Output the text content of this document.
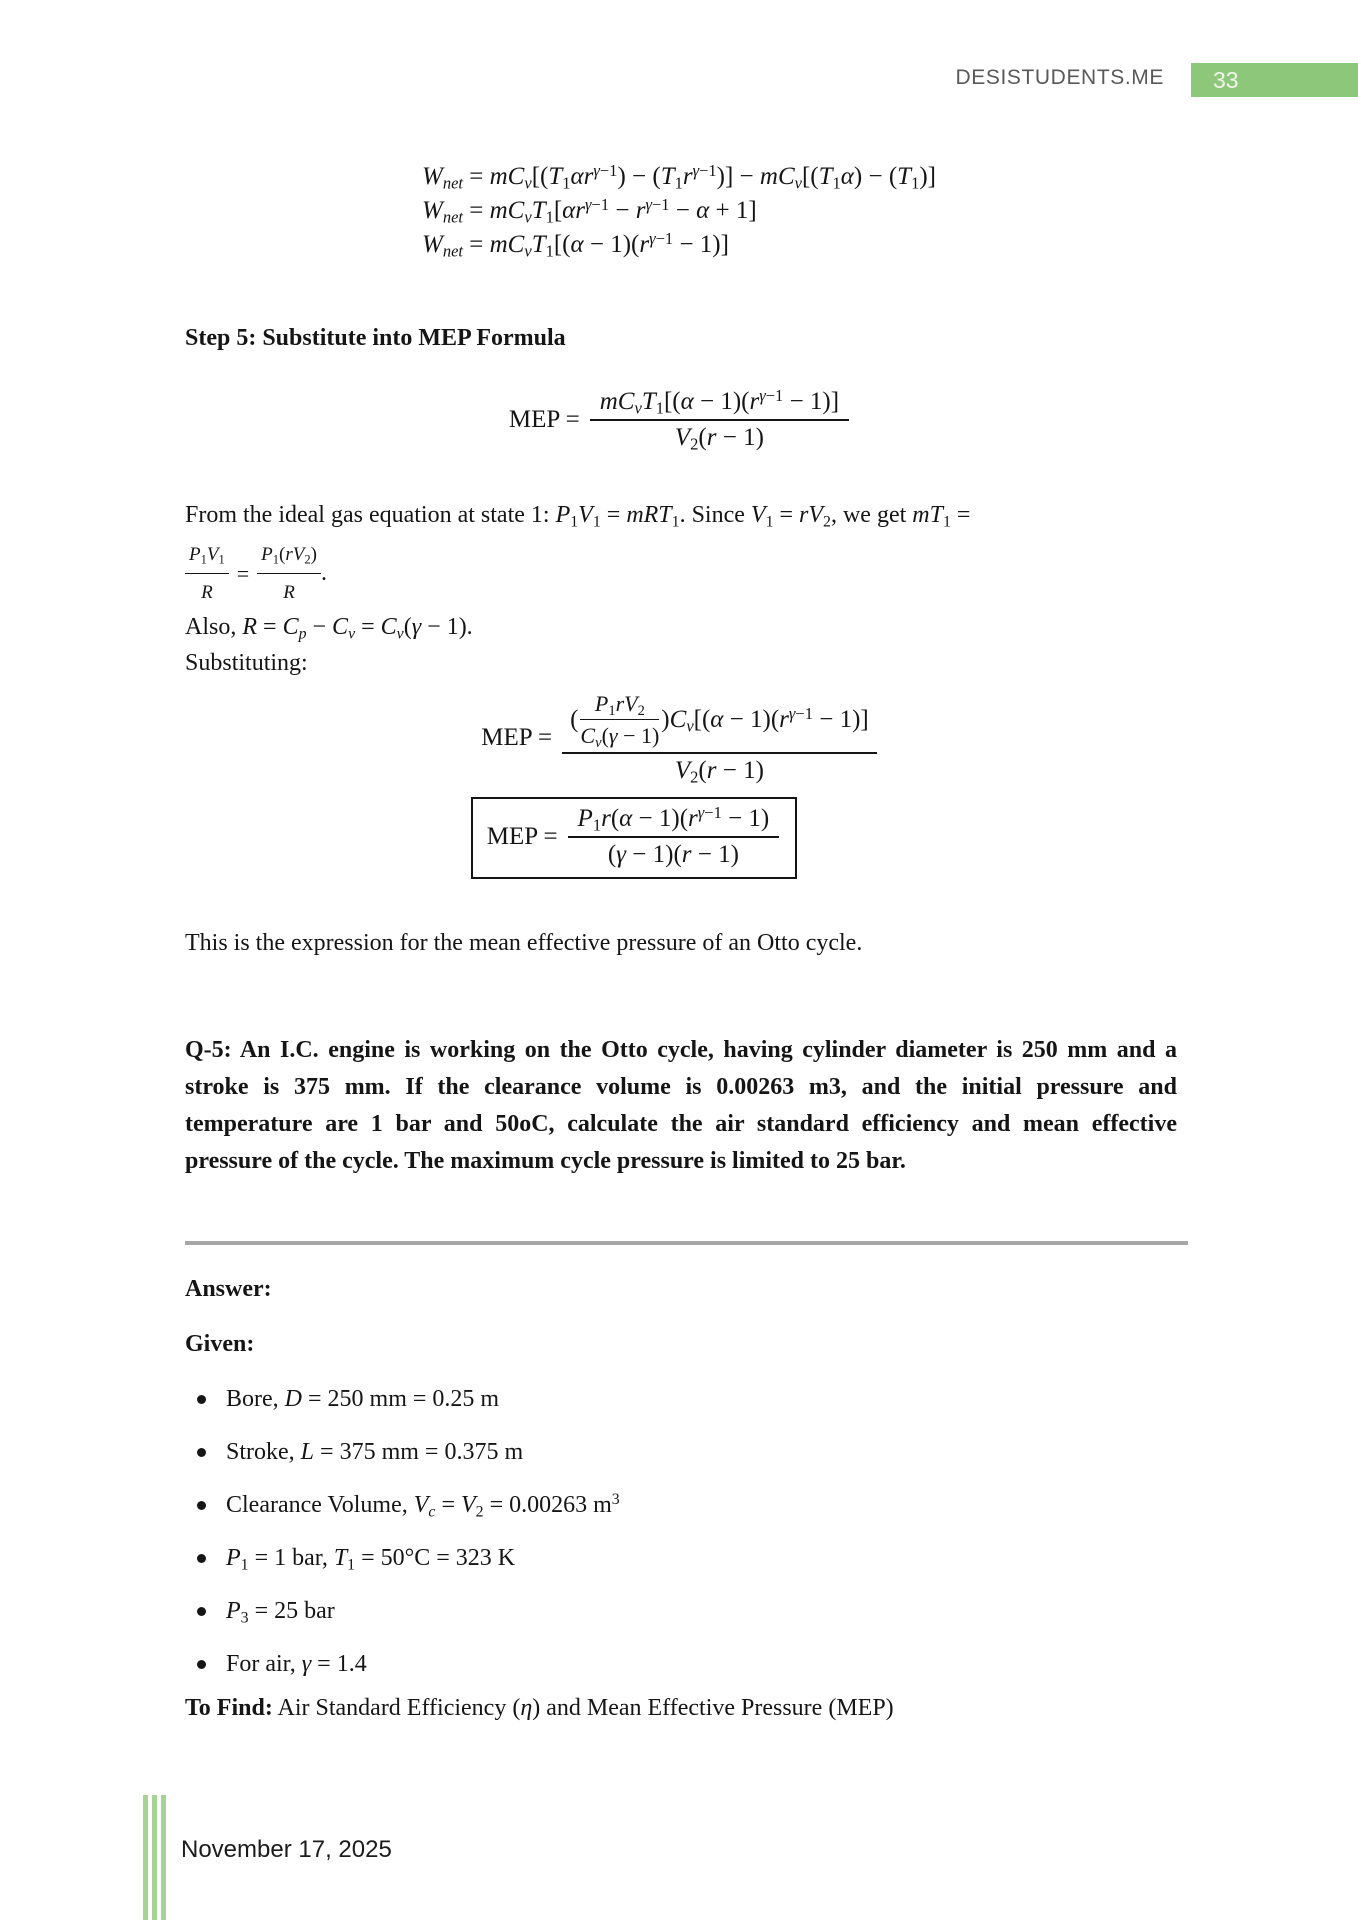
DESISTUDENTS.ME	33
$W_{net} = mC_v[(T_1\alpha r^{\gamma-1}) - (T_1r^{\gamma-1})] - mC_v[(T_1\alpha) - (T_1)]$
$W_{net} = mC_vT_1[\alpha r^{\gamma-1} - r^{\gamma-1} - \alpha + 1]$
$W_{net} = mC_vT_1[(\alpha - 1)(r^{\gamma-1} - 1)]$
Step 5: Substitute into MEP Formula
MEP = $\frac{mC_vT_1[(\alpha - 1)(r^{\gamma-1} - 1)]}{V_2(r - 1)}$
From the ideal gas equation at state 1: $P_1V_1 = mRT_1$. Since $V_1 = rV_2$, we get $mT_1$ =
$\frac{P_1V_1}{R} = \frac{P_1(rV_2)}{R}$ .
Also, $R = C_p - C_v = C_v(\gamma - 1)$.
Substituting:
MEP =
( $\frac{P_1rV_2}{C_v(\gamma - 1)} )C_v[(\alpha - 1)(r^{\gamma-1} - 1)]$
$V_2(r - 1)$
MEP = $\frac{P_1r(\alpha - 1)(r^{\gamma-1} - 1)}{(\gamma - 1)(r - 1)}$

This is the expression for the mean effective pressure of an Otto cycle.

Q-5: An I.C. engine is working on the Otto cycle, having cylinder diameter is 250 mm and a stroke is 375 mm. If the clearance volume is 0.00263 m3, and the initial pressure and temperature are 1 bar and 50oC, calculate the air standard efficiency and mean effective pressure of the cycle. The maximum cycle pressure is limited to 25 bar.

Answer:
Given:
Bore, D = 250 mm = 0.25 m
Stroke, L = 375 mm = 0.375 m
Clearance Volume, $V_c = V_2 = 0.00263$ $m^3$
$P_1 = 1$ bar, $T_1 = 50^\circ C = 323$ K
$P_3 = 25$ bar
For air, γ = 1.4

To Find: Air Standard Efficiency (η) and Mean Effective Pressure (MEP)

November 17, 2025
